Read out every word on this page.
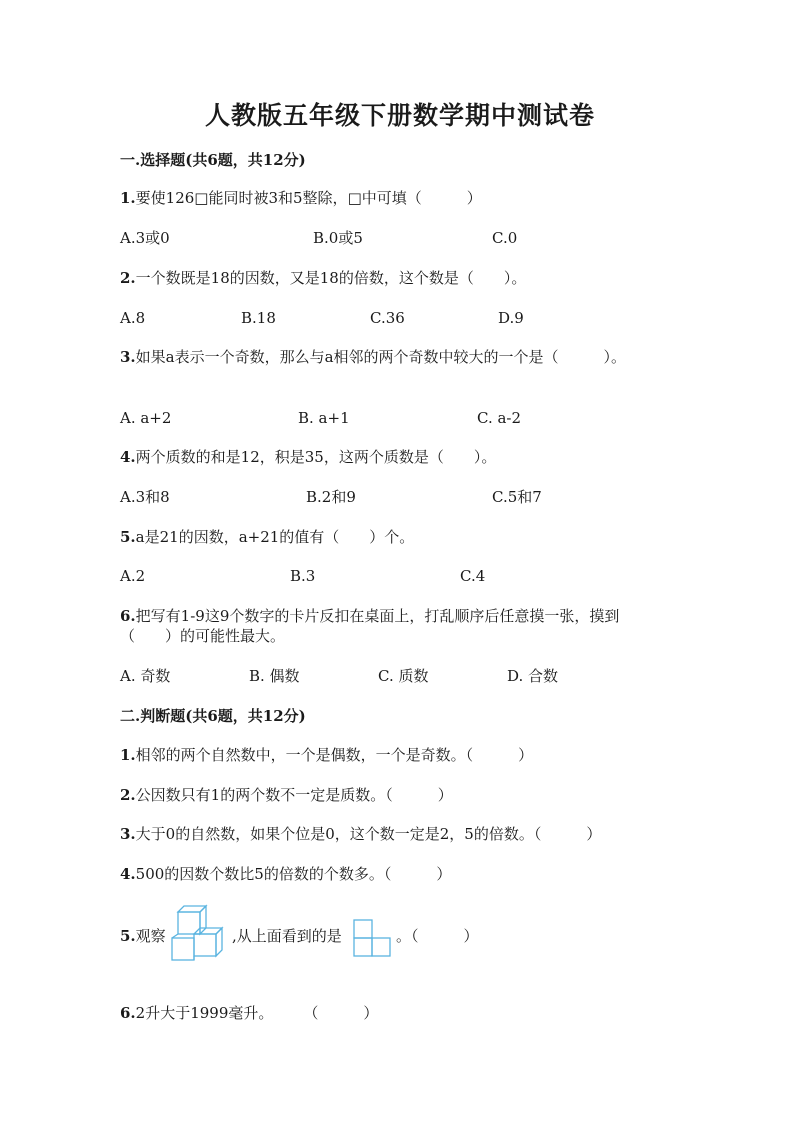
人教版五年级下册数学期中测试卷
一.选择题(共6题，共12分)
1.要使126□能同时被3和5整除，□中可填（　　　）
A.3或0	B.0或5	C.0
2.一个数既是18的因数，又是18的倍数，这个数是（　　）。
A.8	B.18	C.36	D.9
3.如果a表示一个奇数，那么与a相邻的两个奇数中较大的一个是（　　　）。
A. a+2	B. a+1	C. a-2
4.两个质数的和是12，积是35，这两个质数是（　　）。
A.3和8	B.2和9	C.5和7
5.a是21的因数，a+21的值有（　　）个。
A.2	B.3	C.4
6.把写有1-9这9个数字的卡片反扣在桌面上，打乱顺序后任意摸一张，摸到
（　　）的可能性最大。
A. 奇数	B. 偶数	C. 质数	D. 合数
二.判断题(共6题，共12分)
1.相邻的两个自然数中，一个是偶数，一个是奇数。（　　　）
2.公因数只有1的两个数不一定是质数。（　　　）
3.大于0的自然数，如果个位是0，这个数一定是2，5的倍数。（　　　）
4.500的因数个数比5的倍数的个数多。（　　　）
5.观察	,从上面看到的是	。（　　　）
6.2升大于1999毫升。　　　（　　　）
